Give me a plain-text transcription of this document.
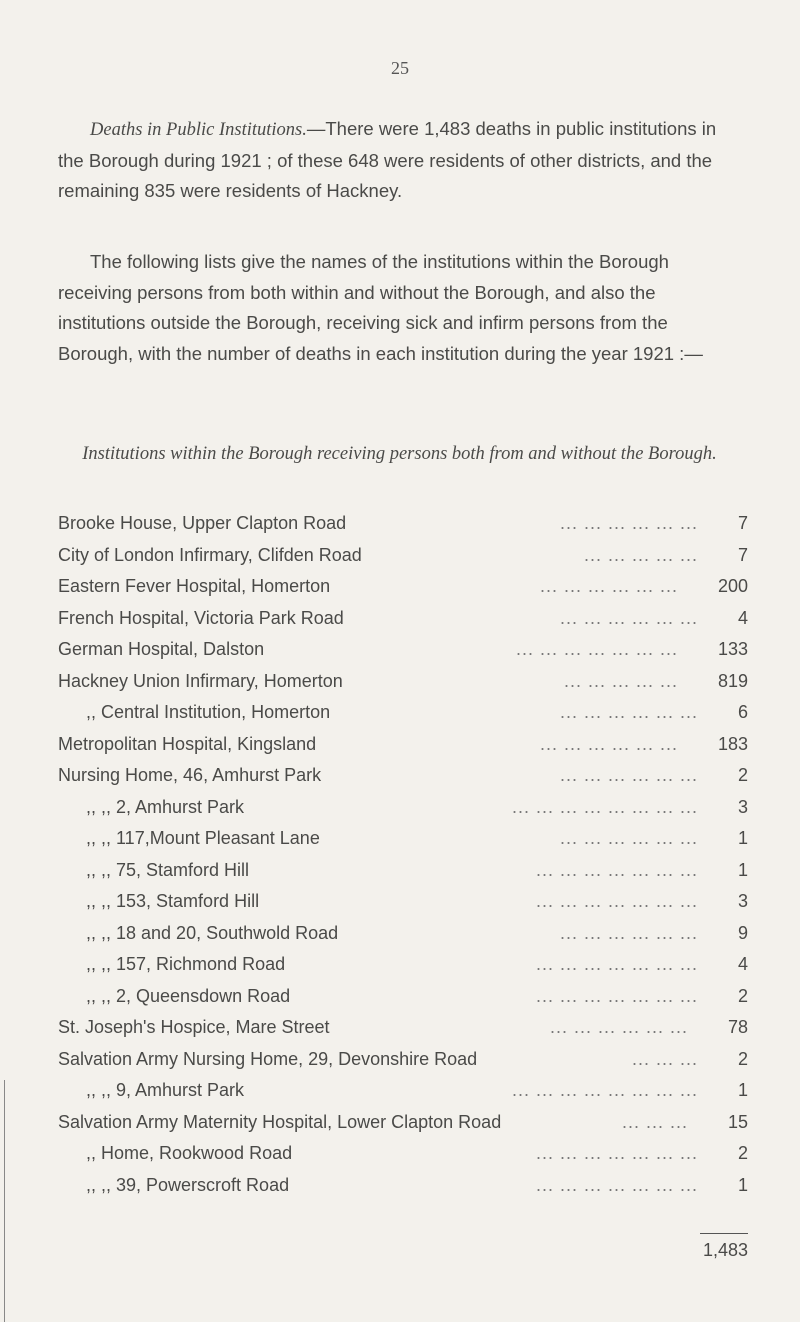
25

Deaths in Public Institutions.—There were 1,483 deaths in public institutions in the Borough during 1921 ; of these 648 were residents of other districts, and the remaining 835 were residents of Hackney.

The following lists give the names of the institutions within the Borough receiving persons from both within and without the Borough, and also the institutions outside the Borough, receiving sick and infirm persons from the Borough, with the number of deaths in each institution during the year 1921 :—

Institutions within the Borough receiving persons both from and without the Borough.

Brooke House, Upper Clapton Road	7
... ... ... ... ... ...
City of London Infirmary, Clifden Road	7
... ... ... ... ...
Eastern Fever Hospital, Homerton	200
... ... ... ... ... ...
French Hospital, Victoria Park Road	4
... ... ... ... ... ...
German Hospital, Dalston	133
... ... ... ... ... ... ...
Hackney Union Infirmary, Homerton	819
... ... ... ... ...
,, Central Institution, Homerton	6
... ... ... ... ... ...
Metropolitan Hospital, Kingsland	183
... ... ... ... ... ...
Nursing Home, 46, Amhurst Park	2
... ... ... ... ... ...
,, ,, 2, Amhurst Park	3
... ... ... ... ... ... ... ...
,, ,, 117,Mount Pleasant Lane	1
... ... ... ... ... ...
,, ,, 75, Stamford Hill	1
... ... ... ... ... ... ...
,, ,, 153, Stamford Hill	3
... ... ... ... ... ... ...
,, ,, 18 and 20, Southwold Road	9
... ... ... ... ... ...
,, ,, 157, Richmond Road	4
... ... ... ... ... ... ...
,, ,, 2, Queensdown Road	2
... ... ... ... ... ... ...
St. Joseph's Hospice, Mare Street	78
... ... ... ... ... ...
Salvation Army Nursing Home, 29, Devonshire Road	2
... ... ...
,, ,, 9, Amhurst Park	1
... ... ... ... ... ... ... ...
Salvation Army Maternity Hospital, Lower Clapton Road	15
... ... ...
,, Home, Rookwood Road	2
... ... ... ... ... ... ...
,, ,, 39, Powerscroft Road	1
... ... ... ... ... ... ...
1,483
